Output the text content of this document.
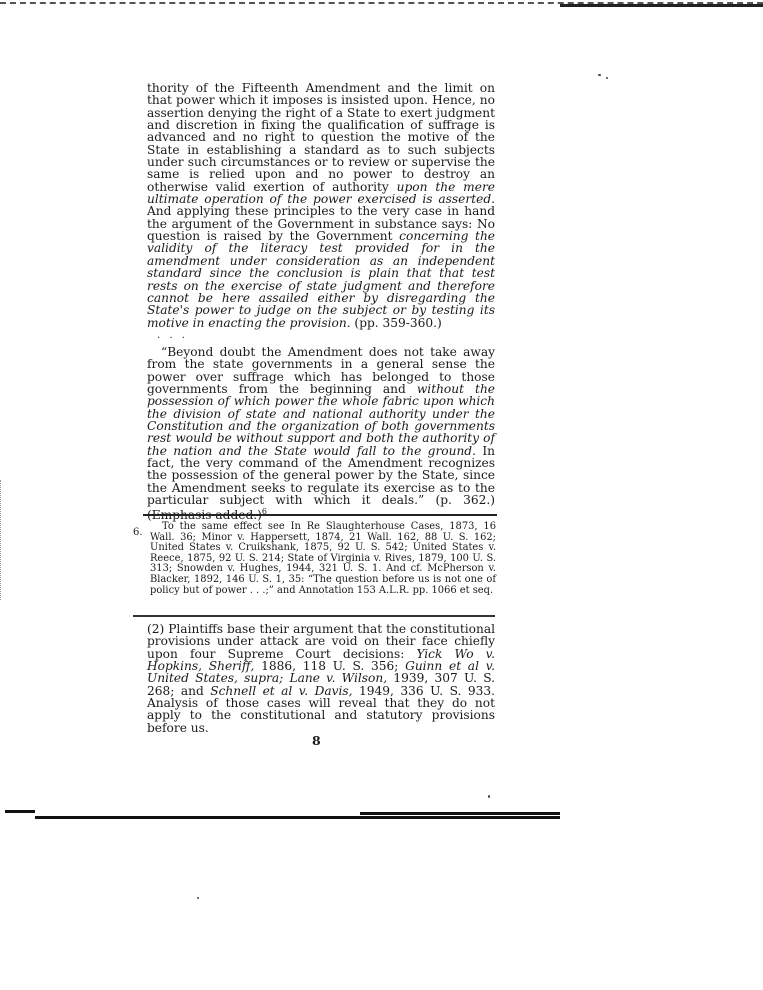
thority of the Fifteenth Amendment and the limit on that power which it imposes is insisted upon. Hence, no assertion denying the right of a State to exert judgment and discretion in fixing the qualification of suffrage is advanced and no right to question the motive of the State in establishing a standard as to such subjects under such circumstances or to review or supervise the same is relied upon and no power to destroy an otherwise valid exertion of authority upon the mere ultimate operation of the power exercised is asserted. And applying these principles to the very case in hand the argument of the Government in substance says: No question is raised by the Government concerning the validity of the literacy test provided for in the amendment under consideration as an independent standard since the conclusion is plain that that test rests on the exercise of state judgment and therefore cannot be here assailed either by disregarding the State's power to judge on the subject or by testing its motive in enacting the provision. (pp. 359-360.)

. . .

“Beyond doubt the Amendment does not take away from the state governments in a general sense the power over suffrage which has belonged to those governments from the beginning and without the possession of which power the whole fabric upon which the division of state and national authority under the Constitution and the organization of both governments rest would be without support and both the authority of the nation and the State would fall to the ground. In fact, the very command of the Amendment recognizes the possession of the general power by the State, since the Amendment seeks to regulate its exercise as to the particular subject with which it deals.” (p. 362.) (Emphasis added.)$^6$

6.

To the same effect see In Re Slaughterhouse Cases, 1873, 16 Wall. 36; Minor v. Happersett, 1874, 21 Wall. 162, 88 U. S. 162; United States v. Cruikshank, 1875, 92 U. S. 542; United States v. Reece, 1875, 92 U. S. 214; State of Virginia v. Rives, 1879, 100 U. S. 313; Snowden v. Hughes, 1944, 321 U. S. 1. And cf. McPherson v. Blacker, 1892, 146 U. S. 1, 35: “The question before us is not one of policy but of power . . .;” and Annotation 153 A.L.R. pp. 1066 et seq.

(2) Plaintiffs base their argument that the constitutional provisions under attack are void on their face chiefly upon four Supreme Court decisions: Yick Wo v. Hopkins, Sheriff, 1886, 118 U. S. 356; Guinn et al v. United States, supra; Lane v. Wilson, 1939, 307 U. S. 268; and Schnell et al v. Davis, 1949, 336 U. S. 933. Analysis of those cases will reveal that they do not apply to the constitutional and statutory provisions before us.

8
